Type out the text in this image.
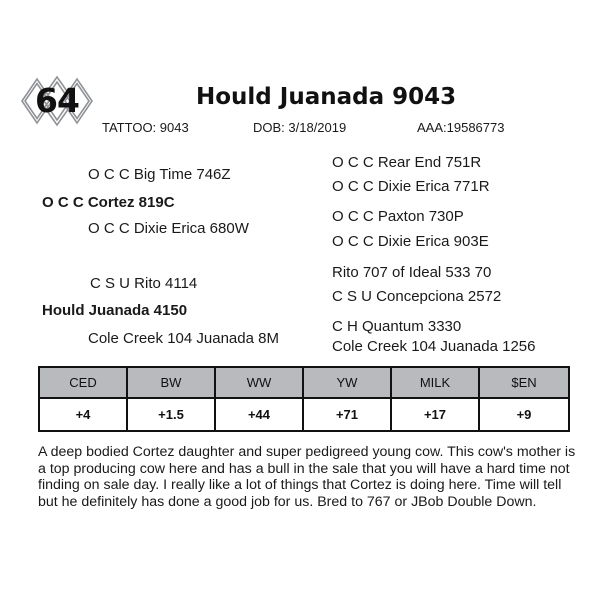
64	Hould Juanada 9043
TATTOO: 9043	DOB: 3/18/2019	AAA:19586773
O C C Big Time 746Z
O C C Cortez 819C
O C C Dixie Erica 680W
C S U Rito 4114
Hould Juanada 4150
Cole Creek 104 Juanada 8M
O C C Rear End 751R
O C C Dixie Erica 771R
O C C Paxton 730P
O C C Dixie Erica 903E
Rito 707 of Ideal 533 70
C S U Concepciona 2572
C H Quantum 3330
Cole Creek 104 Juanada 1256
CED	BW	WW	YW	MILK	$EN
+4	+1.5	+44	+71	+17	+9

A deep bodied Cortez daughter and super pedigreed young cow. This cow's mother is a top producing cow here and has a bull in the sale that you will have a hard time not finding on sale day. I really like a lot of things that Cortez is doing here. Time will tell but he definitely has done a good job for us. Bred to 767 or JBob Double Down.
